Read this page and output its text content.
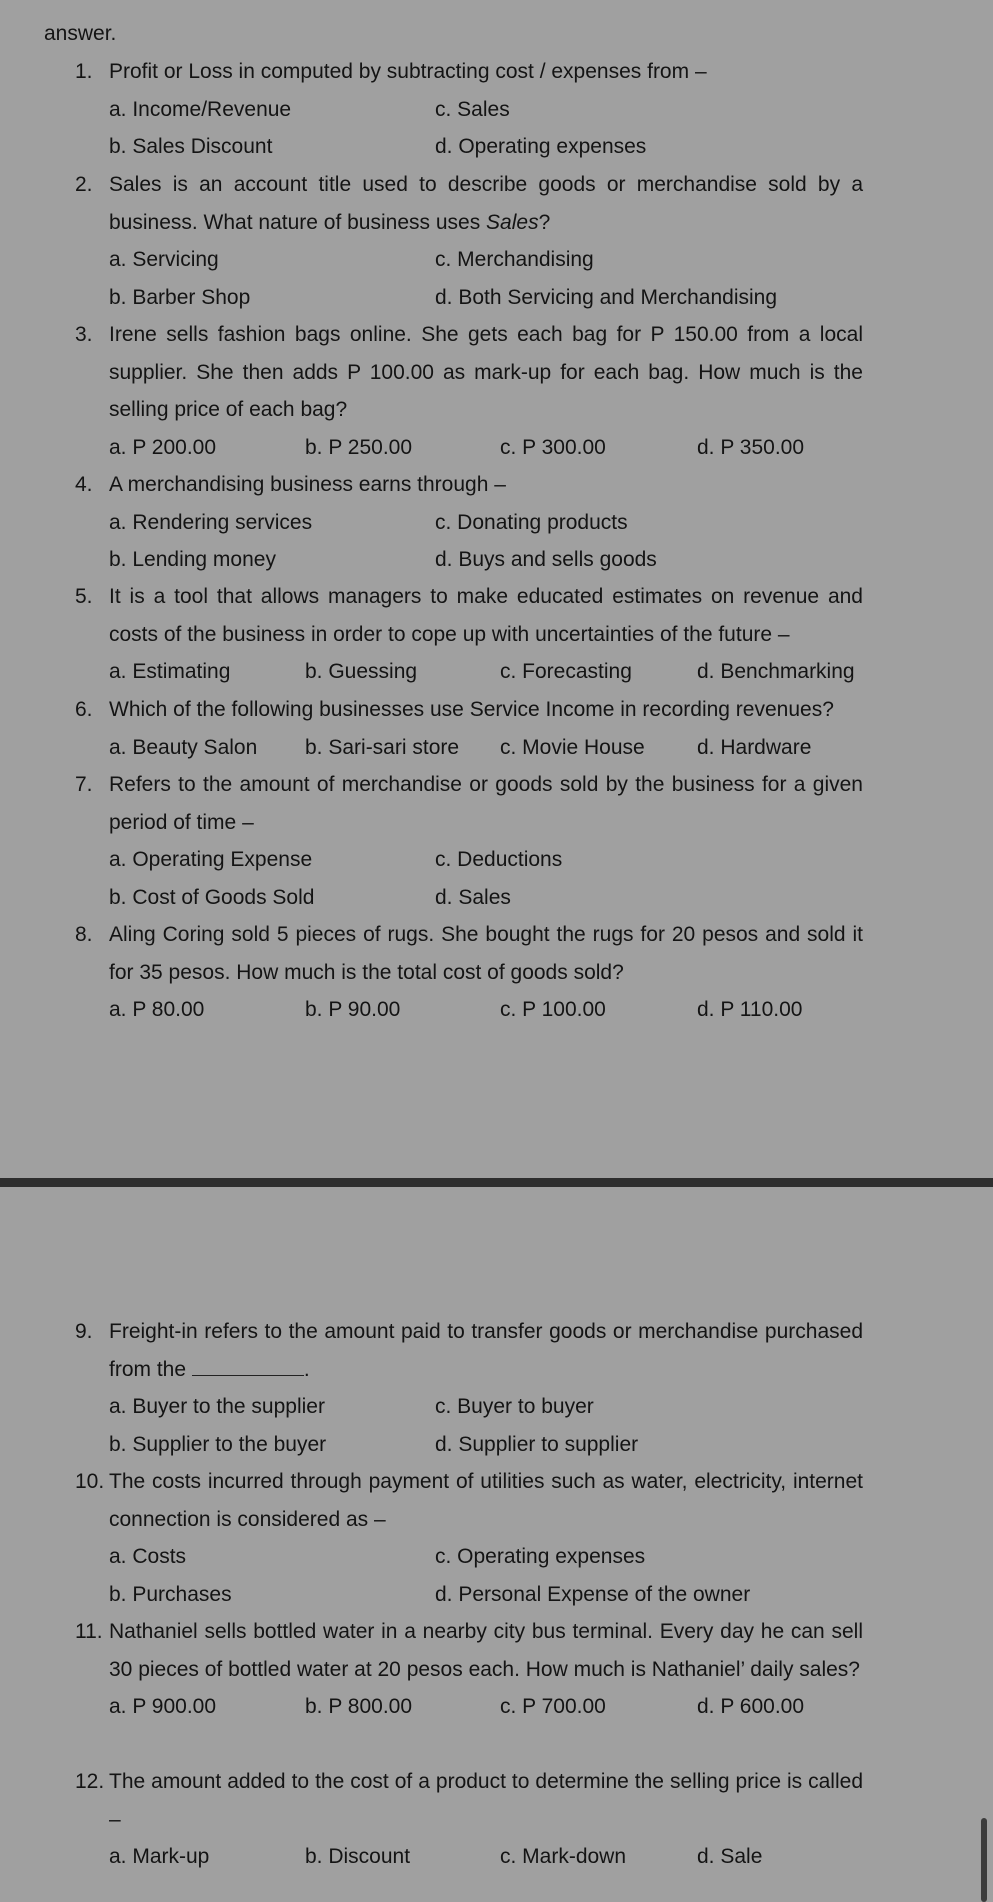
answer.
1. Profit or Loss in computed by subtracting cost / expenses from –
a. Income/Revenue	c. Sales
b. Sales Discount	d. Operating expenses
2. Sales is an account title used to describe goods or merchandise sold by a business. What nature of business uses Sales?
a. Servicing	c. Merchandising
b. Barber Shop	d. Both Servicing and Merchandising
3. Irene sells fashion bags online. She gets each bag for P 150.00 from a local supplier. She then adds P 100.00 as mark-up for each bag. How much is the selling price of each bag?
a. P 200.00	b. P 250.00	c. P 300.00	d. P 350.00
4. A merchandising business earns through –
a. Rendering services	c. Donating products
b. Lending money	d. Buys and sells goods
5. It is a tool that allows managers to make educated estimates on revenue and costs of the business in order to cope up with uncertainties of the future –
a. Estimating	b. Guessing	c. Forecasting	d. Benchmarking
6. Which of the following businesses use Service Income in recording revenues?
a. Beauty Salon b. Sari-sari store c. Movie House d. Hardware
7. Refers to the amount of merchandise or goods sold by the business for a given period of time –
a. Operating Expense	c. Deductions
b. Cost of Goods Sold	d. Sales
8. Aling Coring sold 5 pieces of rugs. She bought the rugs for 20 pesos and sold it for 35 pesos. How much is the total cost of goods sold?
a. P 80.00	b. P 90.00	c. P 100.00	d. P 110.00
9. Freight-in refers to the amount paid to transfer goods or merchandise purchased from the	.
a. Buyer to the supplier	c. Buyer to buyer
b. Supplier to the buyer	d. Supplier to supplier
10. The costs incurred through payment of utilities such as water, electricity, internet connection is considered as –
a. Costs	c. Operating expenses
b. Purchases	d. Personal Expense of the owner
11. Nathaniel sells bottled water in a nearby city bus terminal. Every day he can sell 30 pieces of bottled water at 20 pesos each. How much is Nathaniel’ daily sales?
a. P 900.00	b. P 800.00	c. P 700.00	d. P 600.00
12. The amount added to the cost of a product to determine the selling price is called –
a. Mark-up	b. Discount	c. Mark-down	d. Sale
